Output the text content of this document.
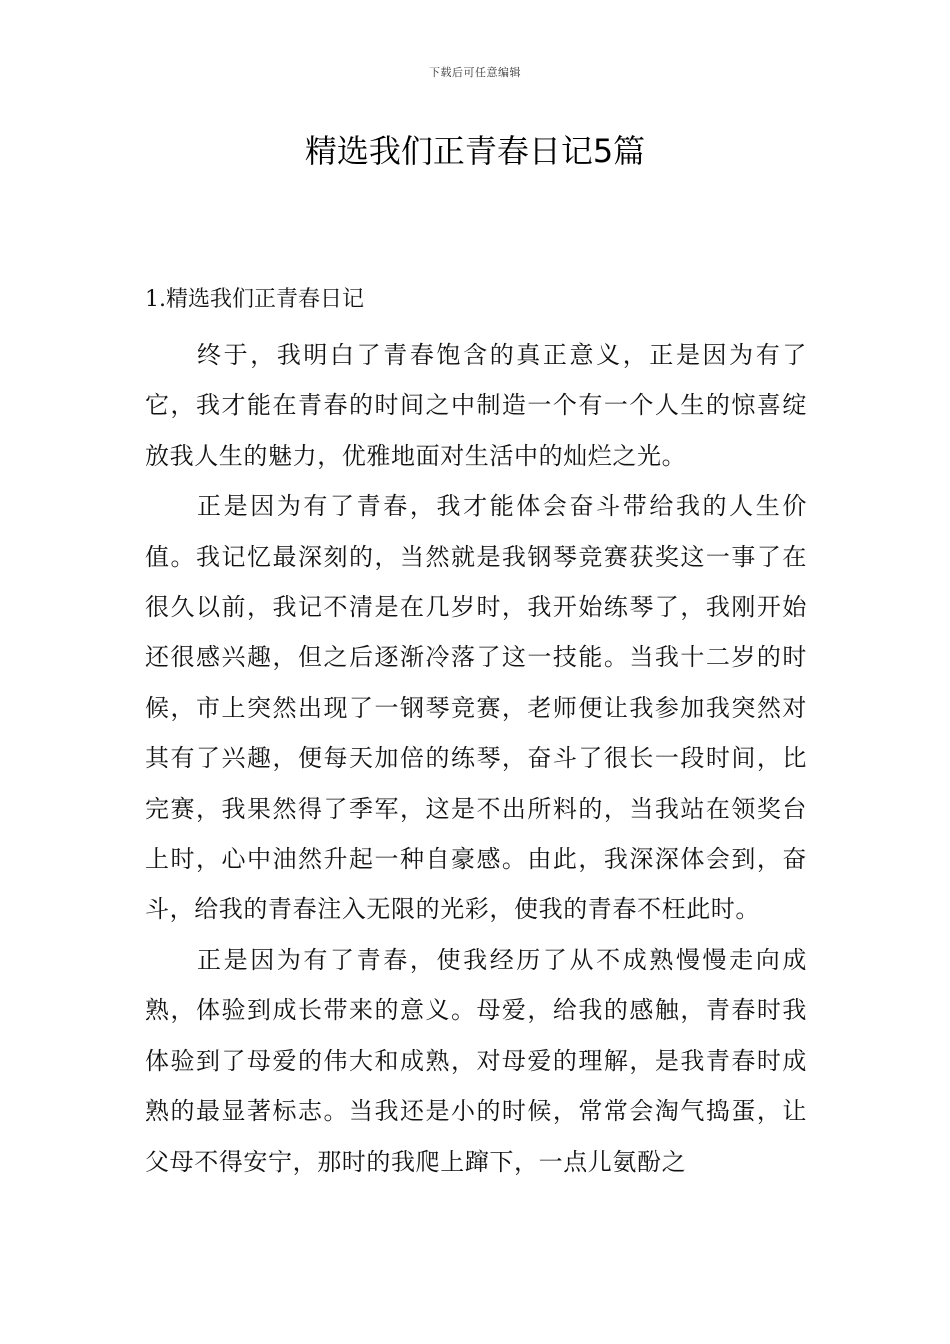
下载后可任意编辑
精选我们正青春日记5篇
1.精选我们正青春日记

终于，我明白了青春饱含的真正意义，正是因为有了它，我才能在青春的时间之中制造一个有一个人生的惊喜绽放我人生的魅力，优雅地面对生活中的灿烂之光。

正是因为有了青春，我才能体会奋斗带给我的人生价值。我记忆最深刻的，当然就是我钢琴竞赛获奖这一事了在很久以前，我记不清是在几岁时，我开始练琴了，我刚开始还很感兴趣，但之后逐渐冷落了这一技能。当我十二岁的时候，市上突然出现了一钢琴竞赛，老师便让我参加我突然对其有了兴趣，便每天加倍的练琴，奋斗了很长一段时间，比完赛，我果然得了季军，这是不出所料的，当我站在领奖台上时，心中油然升起一种自豪感。由此，我深深体会到，奋斗，给我的青春注入无限的光彩，使我的青春不枉此时。

正是因为有了青春，使我经历了从不成熟慢慢走向成熟，体验到成长带来的意义。母爱，给我的感触，青春时我体验到了母爱的伟大和成熟，对母爱的理解，是我青春时成熟的最显著标志。当我还是小的时候，常常会淘气捣蛋，让父母不得安宁，那时的我爬上蹿下，一点儿氨酚之
